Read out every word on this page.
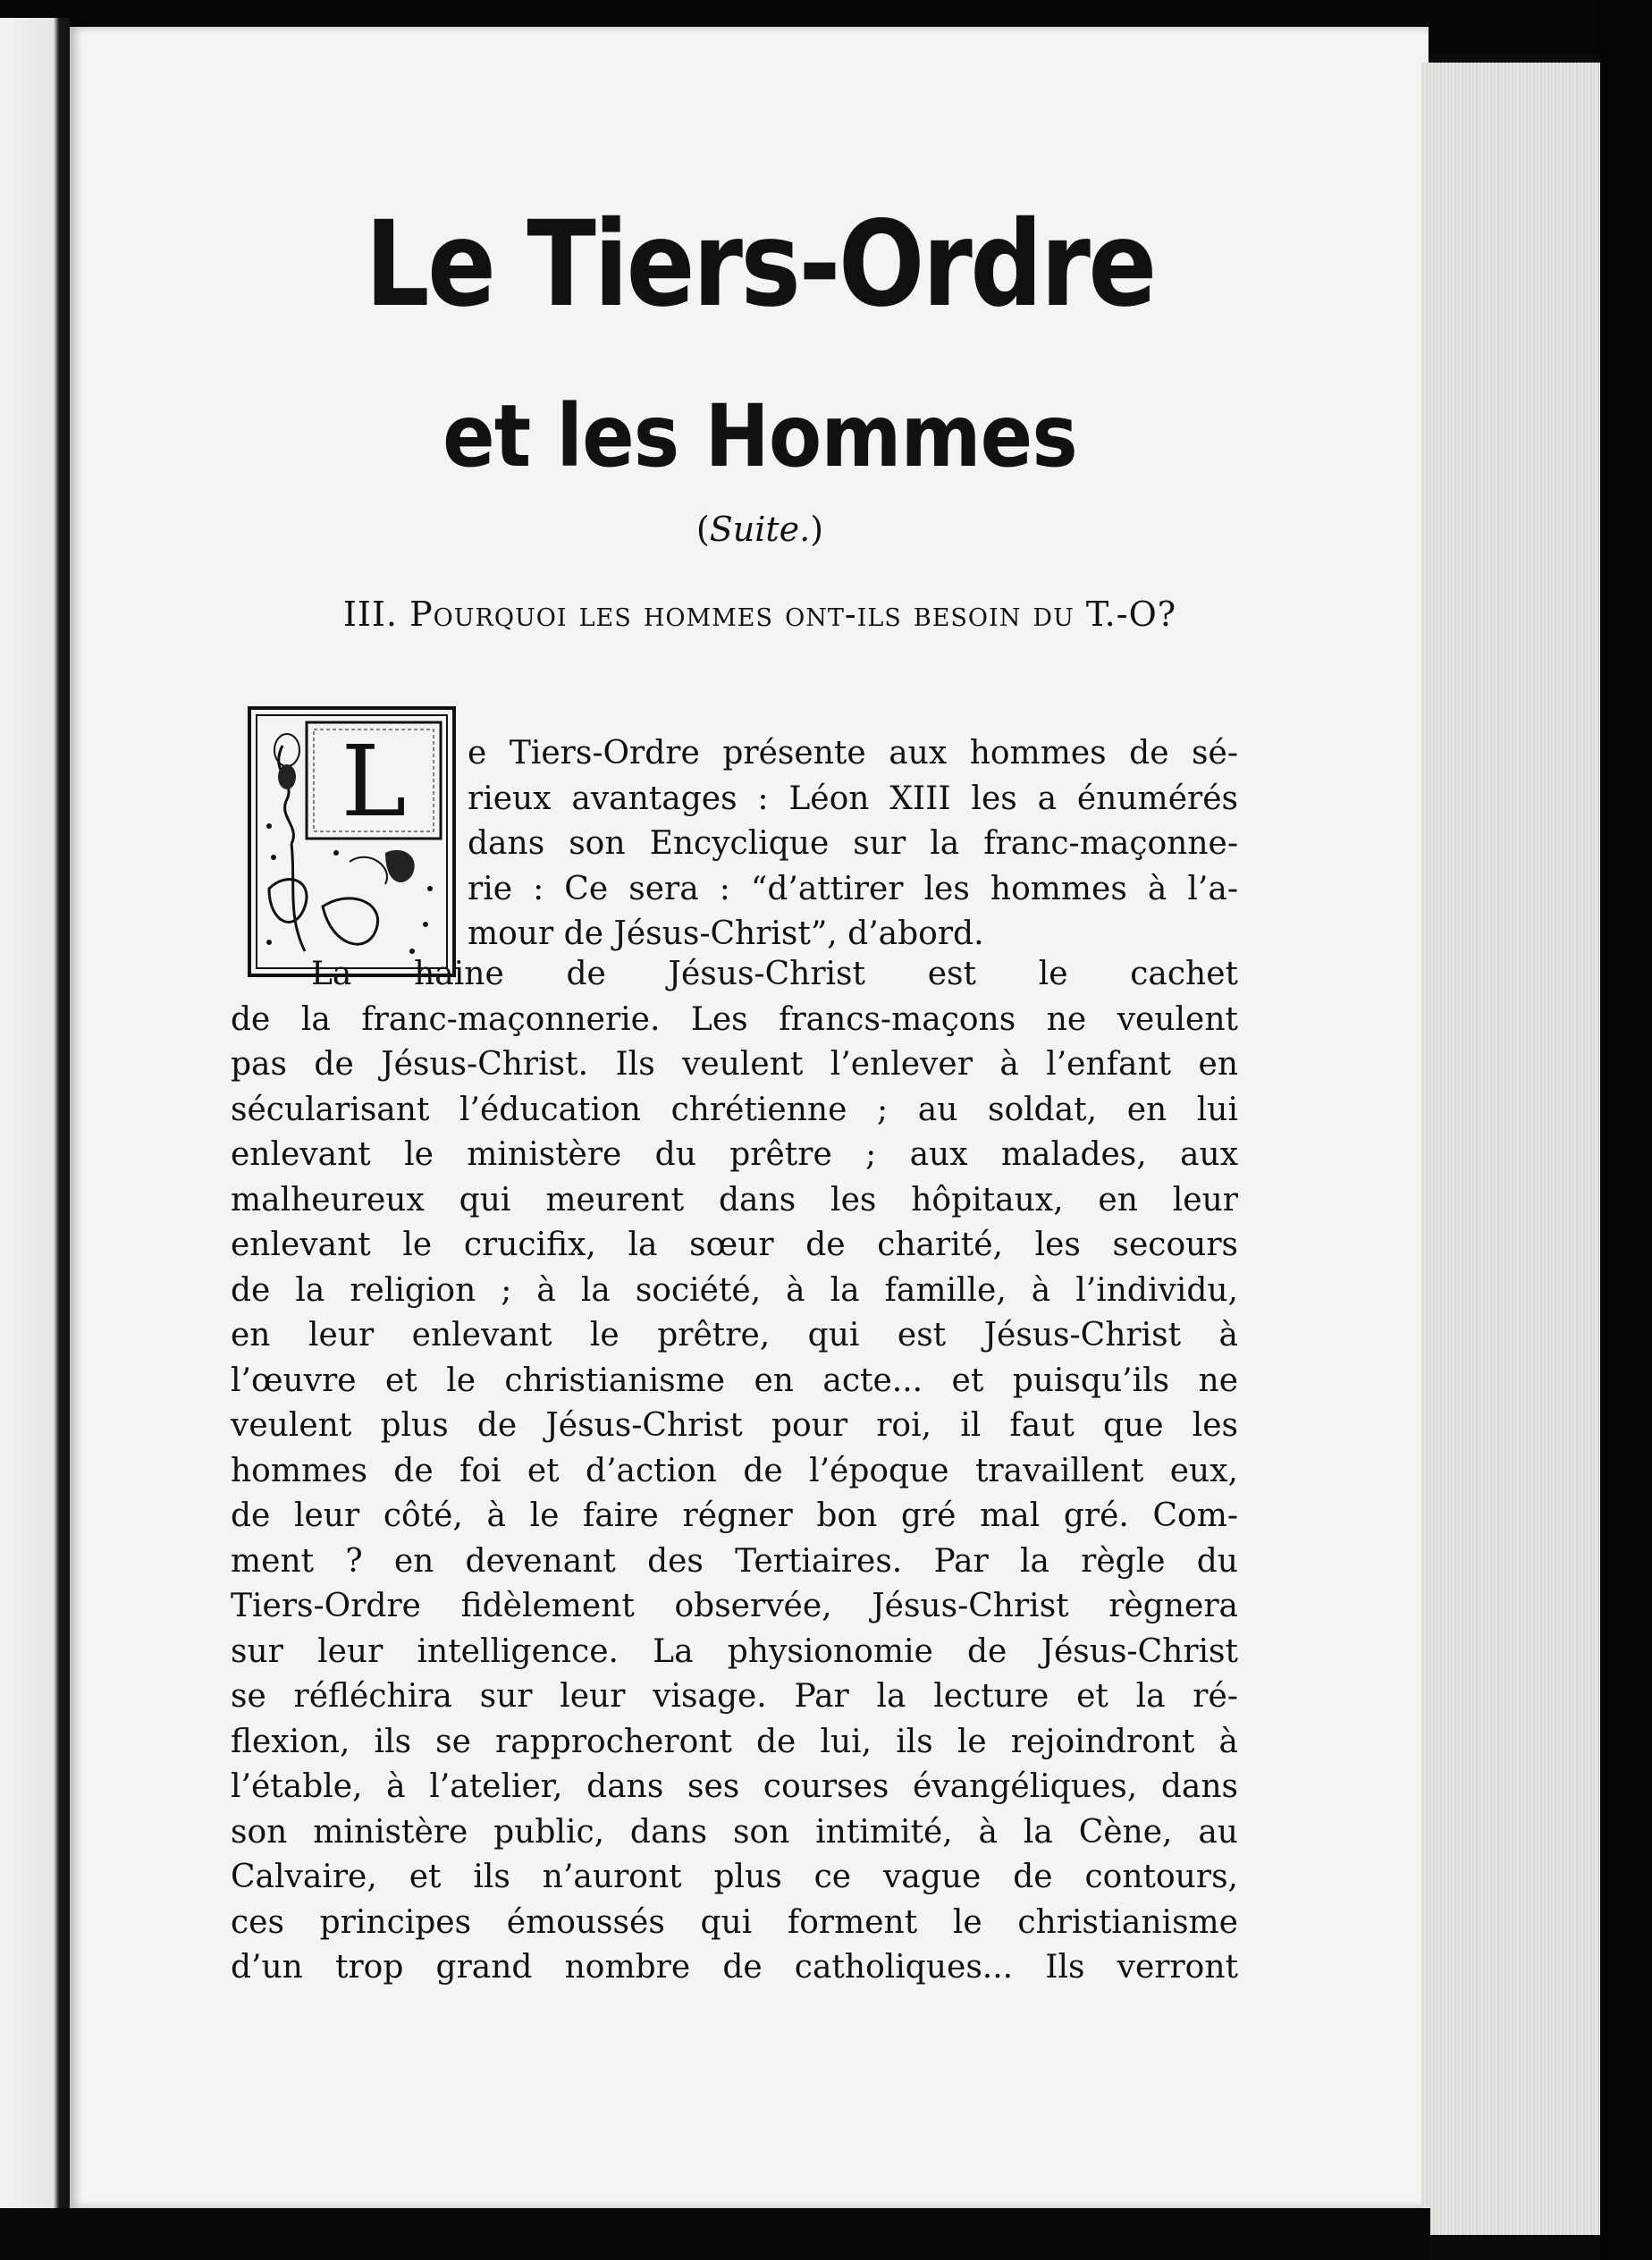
Le Tiers-Ordre
et les Hommes
(Suite.)
III. Pourquoi les hommes ont-ils besoin du T.-O?
L e Tiers-Ordre présente aux hommes de sé-
rieux avantages : Léon XIII les a énumérés
dans son Encyclique sur la franc-maçonne-
rie : Ce sera : “d’attirer les hommes à l’a-
mour de Jésus-Christ”, d’abord.
La haine de Jésus-Christ est le cachet
de la franc-maçonnerie. Les francs-maçons ne veulent
pas de Jésus-Christ. Ils veulent l’enlever à l’enfant en
sécularisant l’éducation chrétienne ; au soldat, en lui
enlevant le ministère du prêtre ; aux malades, aux
malheureux qui meurent dans les hôpitaux, en leur
enlevant le crucifix, la sœur de charité, les secours
de la religion ; à la société, à la famille, à l’individu,
en leur enlevant le prêtre, qui est Jésus-Christ à
l’œuvre et le christianisme en acte... et puisqu’ils ne
veulent plus de Jésus-Christ pour roi, il faut que les
hommes de foi et d’action de l’époque travaillent eux,
de leur côté, à le faire régner bon gré mal gré. Com-
ment ? en devenant des Tertiaires. Par la règle du
Tiers-Ordre fidèlement observée, Jésus-Christ règnera
sur leur intelligence. La physionomie de Jésus-Christ
se réfléchira sur leur visage. Par la lecture et la ré-
flexion, ils se rapprocheront de lui, ils le rejoindront à
l’étable, à l’atelier, dans ses courses évangéliques, dans
son ministère public, dans son intimité, à la Cène, au
Calvaire, et ils n’auront plus ce vague de contours,
ces principes émoussés qui forment le christianisme
d’un trop grand nombre de catholiques... Ils verront
